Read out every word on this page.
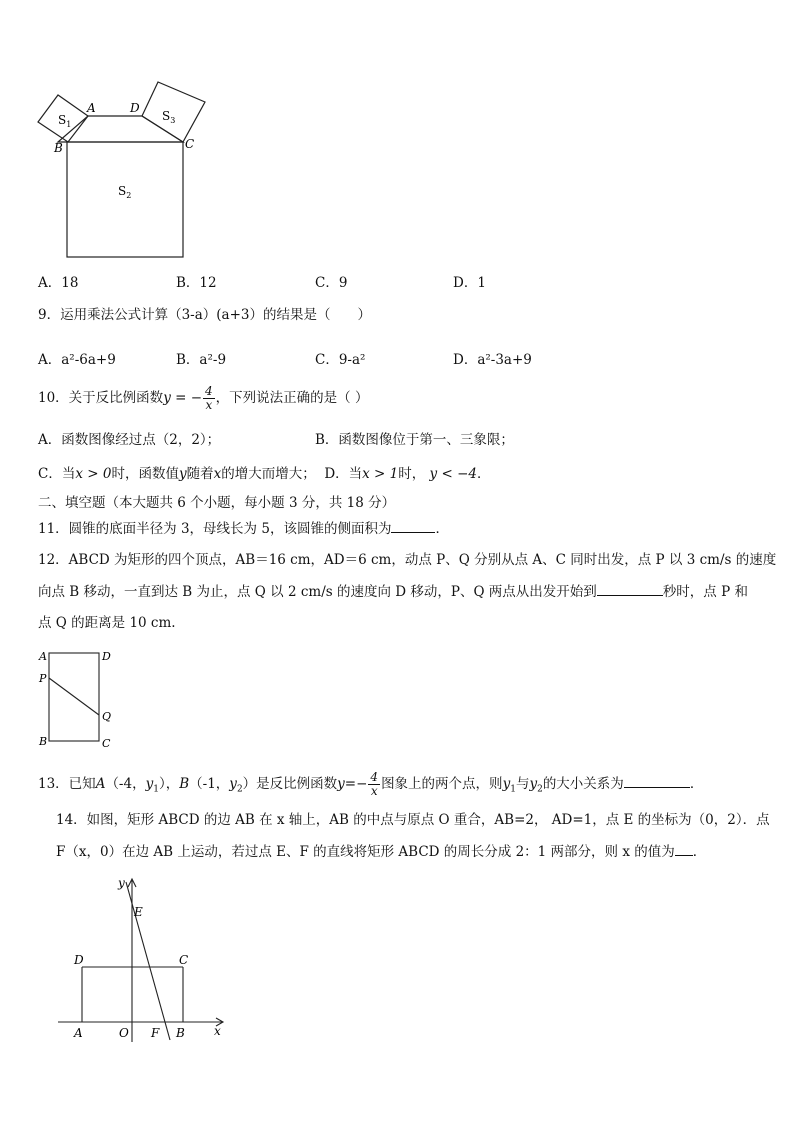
A	D
B	C
$S_1$
$S_3$
$S_2$
A．18	B．12	C．9	D．1
9．运用乘法公式计算（3-a）(a+3）的结果是（　　）
A．a²-6a+9	B．a²-9	C．9-a²	D．a²-3a+9
10．关于反比例函数y = − $\frac{4}{x}$ ，下列说法正确的是（ ）
A．函数图像经过点（2，2）；	B．函数图像位于第一、三象限；
C．当x > 0时，函数值y随着x的增大而增大； D．当x > 1时， y < −4．
二、填空题（本大题共 6 个小题，每小题 3 分，共 18 分）
11．圆锥的底面半径为 3，母线长为 5，该圆锥的侧面积为	．
12．ABCD 为矩形的四个顶点，AB＝16 cm，AD＝6 cm，动点 P、Q 分别从点 A、C 同时出发，点 P 以 3 cm/s 的速度
向点 B 移动，一直到达 B 为止，点 Q 以 2 cm/s 的速度向 D 移动，P、Q 两点从出发开始到	秒时，点 P 和
点 Q 的距离是 10 cm.
A	D
P
Q
B	C
13．已知A（-4，$y_1$），B（-1，$y_2$）是反比例函数$y=- \frac{4}{x}$ 图象上的两个点，则$y_1$与$y_2$的大小关系为	．
14．如图，矩形 ABCD 的边 AB 在 x 轴上，AB 的中点与原点 O 重合，AB=2， AD=1，点 E 的坐标为（0，2）．点
F（x，0）在边 AB 上运动，若过点 E、F 的直线将矩形 ABCD 的周长分成 2：1 两部分，则 x 的值为 ．
y
x
E
D	C
A	O F B
